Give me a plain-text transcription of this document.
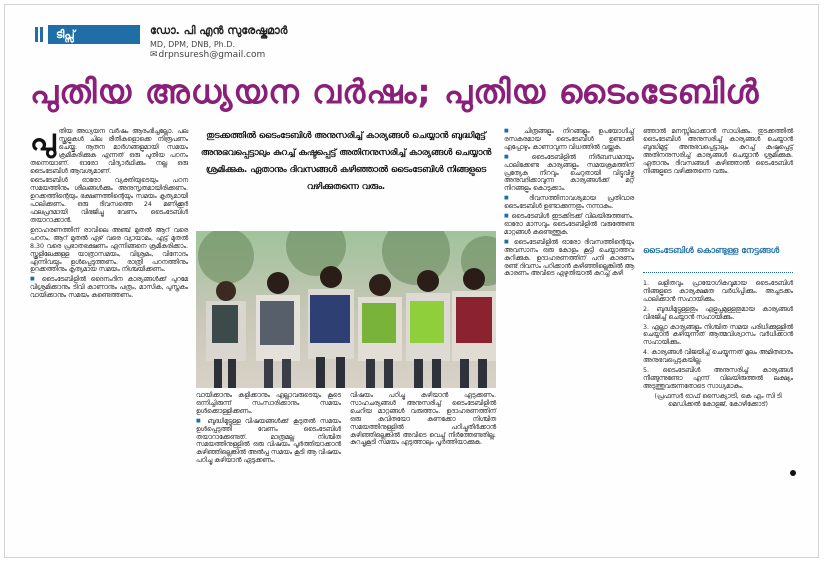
ടിപ്സ്	ഡോ. പി എൻ സുരേഷ്കുമാർ
MD, DPM, DNB, Ph.D.
✉drpnsuresh@gmail.com
പുതിയ അധ്യയന വർഷം; പുതിയ ടൈംടേബിൾ
പു തിയ അധ്യയന വർഷം ആരംഭിച്ചല്ലോ. പല സ്കൂളുകൾ ചില രീതികളൊക്കെ നിരൂപണം ചെയ്തു. നൂതന മാർഗങ്ങളുമായി സമയം ക്രമീകരിക്കുക എന്നത് ഒരു പുതിയ പഠനം തന്നെയാണ്. ഓരോ വിദ്യാർഥിക്കും നല്ല ഒരു ടൈംടേബിൾ ആവശ്യമാണ്.

ടൈംടേബിൾ ഓരോ വ്യക്തിയുടെയും പഠന സമയത്തിനും ശീലങ്ങൾക്കും അനുസൃതമായിരിക്കണം. ഉറക്കത്തിന്റെയും ഭക്ഷണത്തിന്റെയും സമയം കൃത്യമായി പാലിക്കണം. ഒരു ദിവസത്തെ 24 മണിക്കൂർ ഫലപ്രദമായി വിഭജിച്ചു വേണം ടൈംടേബിൾ തയാറാക്കാൻ.

ഉദാഹരണത്തിന് രാവിലെ അഞ്ച് മുതൽ ആറ് വരെ പഠനം, ആറ് മുതൽ ഏഴ് വരെ വ്യായാമം, എട്ട് മുതൽ 8.30 വരെ പ്രഭാതഭക്ഷണം എന്നിങ്ങനെ ക്രമീകരിക്കാം. സ്കൂളിലേക്കുള്ള യാത്രാസമയം, വിശ്രമം, വിനോദം എന്നിവയും ഉൾപ്പെടുത്തണം. രാത്രി പഠനത്തിനും ഉറക്കത്തിനും കൃത്യമായ സമയം നിശ്ചയിക്കണം.

■ ടൈംടേബിളിൽ ദൈനംദിന കാര്യങ്ങൾക്ക് പുറമേ വിശ്രമിക്കാനും ടിവി കാണാനും പത്രം, മാസിക, പുസ്തകം വായിക്കാനും സമയം കണ്ടെത്തണം.

തുടക്കത്തിൽ ടൈംടേബിൾ അനുസരിച്ച് കാര്യങ്ങൾ ചെയ്യാൻ ബുദ്ധിമുട്ട് അനുഭവപ്പെട്ടാലും കുറച്ച് കഷ്ടപ്പെട്ട് അതിനനുസരിച്ച് കാര്യങ്ങൾ ചെയ്യാൻ ശ്രമിക്കുക. ഏതാനും ദിവസങ്ങൾ കഴിഞ്ഞാൽ ടൈംടേബിൾ നിങ്ങളുടെ വഴിക്കുതന്നെ വരും.

വായിക്കാനും കളിക്കാനും എല്ലാവരുടെയും കൂടെ ഒന്നിച്ചിരുന്ന് സംസാരിക്കാനും സമയം ഉൾക്കൊള്ളിക്കണം.

■ ബുദ്ധിമുട്ടുള്ള വിഷയങ്ങൾക്ക് കൂടുതൽ സമയം ഉൾപ്പെടുത്തി വേണം ടൈംടേബിൾ തയാറാക്കേണ്ടത്. മാത്രമല്ല നിശ്ചിത സമയത്തിനുള്ളിൽ ഒരു വിഷയം പൂർത്തിയാക്കാൻ കഴിഞ്ഞില്ലെങ്കിൽ അൽപ്പ സമയം കൂടി ആ വിഷയം പഠിച്ചു കഴിയാൻ ഏടുക്കണം.

വിഷയം പഠിച്ചു കഴിയാൻ ഏടുക്കണം. സാഹചര്യങ്ങൾ അനുസരിച്ച് ടൈംടേബിളിൽ ചെറിയ മാറ്റങ്ങൾ വരുത്താം. ഉദാഹരണത്തിന് ഒരു കവിതയോ കണക്കോ നിശ്ചിത സമയത്തിനുള്ളിൽ പഠിച്ചുതീർക്കാൻ കഴിഞ്ഞില്ലെങ്കിൽ അവിടെ വെച്ച് നിർത്തേണ്ടതില്ല. കുറച്ചുകൂടി സമയം എടുത്താലും പൂർത്തിയാക്കുക.

■ ചിത്രങ്ങളും നിറങ്ങളും ഉപയോഗിച്ച് രസകരമായ ടൈംടേബിൾ ഉണ്ടാക്കി എപ്പോഴും കാണാവുന്ന വിധത്തിൽ വയ്ക്കുക.

■ ടൈംടേബിളിൽ നിർബന്ധമായും പാലിക്കേണ്ട കാര്യങ്ങളും സമയക്രമത്തിന് പ്രത്യേക നിറവും ചെറുതായി വിട്ടുവീഴ്ച അനുവദിക്കാവുന്ന കാര്യങ്ങൾക്ക് മറ്റ് നിറങ്ങളും കൊടുക്കാം.

■ ദിവസത്തിനാവശ്യമായ പ്രതിവാര ടൈംടേബിൾ ഉണ്ടാക്കുന്നതും നന്നാകും.

■ ടൈംടേബിൾ ഇടക്കിടക്ക് വിലയിരുത്തണം. ഓരോ മാസവും ടൈംടേബിളിൽ വരുത്തേണ്ട മാറ്റങ്ങൾ കണ്ടെത്തുക.

■ ടൈംടേബിളിൽ ഓരോ ദിവസത്തിന്റെയും അവസാനം ഒരു കോളം കൂട്ടി ചെയ്യാത്തവ കുറിക്കുക. ഉദാഹരണത്തിന് പനി കാരണം രണ്ട് ദിവസം പഠിക്കാൻ കഴിഞ്ഞില്ലെങ്കിൽ ആ കാരണം അവിടെ എഴുതിയാൽ കുറച്ച് കഴി

ഞ്ഞാൽ മനസ്സിലാക്കാൻ സാധിക്കും. തുടക്കത്തിൽ ടൈംടേബിൾ അനുസരിച്ച് കാര്യങ്ങൾ ചെയ്യാൻ ബുദ്ധിമുട്ട് അനുഭവപ്പെട്ടാലും കുറച്ച് കഷ്ടപ്പെട്ട് അതിനനുസരിച്ച് കാര്യങ്ങൾ ചെയ്യാൻ ശ്രമിക്കുക. ഏതാനും ദിവസങ്ങൾ കഴിഞ്ഞാൽ ടൈംടേബിൾ നിങ്ങളുടെ വഴിക്കുതന്നെ വരും.

ടൈംടേബിൾ കൊണ്ടുള്ള നേട്ടങ്ങൾ

1. ലളിതവും പ്രായോഗികവുമായ ടൈംടേബിൾ നിങ്ങളുടെ കാര്യക്ഷമത വർധിപ്പിക്കും. അച്ചടക്കം പാലിക്കാൻ സഹായിക്കും.

2. ബുദ്ധിമുട്ടുള്ളതും എളുപ്പമുള്ളതുമായ കാര്യങ്ങൾ വിഭജിച്ച് ചെയ്യാൻ സഹായിക്കും.

3. എല്ലാ കാര്യങ്ങളും നിശ്ചിത സമയ പരിധിക്കുള്ളിൽ ചെയ്യാൻ കഴിയുന്നത് ആത്മവിശ്വാസം വർധിക്കാൻ സഹായിക്കും.

4. കാര്യങ്ങൾ വിജയിച്ച് ചെയ്യുന്നത് മൂലം അമിതഭാരം അനുഭവപ്പെടുകയില്ല.

5. ടൈംടേബിൾ അനുസരിച്ച് കാര്യങ്ങൾ നീങ്ങുന്നുണ്ടോ എന്ന് വിലയിരുത്തൽ ലക്ഷ്യം അടുത്തുവരുന്നതോടെ സാധ്യമാകും.

(പ്രഫസർ ഓഫ് സൈക്യാട്രി, കെ എം സി ടി മെഡിക്കൽ കോളജ്, കോഴിക്കോട്)
